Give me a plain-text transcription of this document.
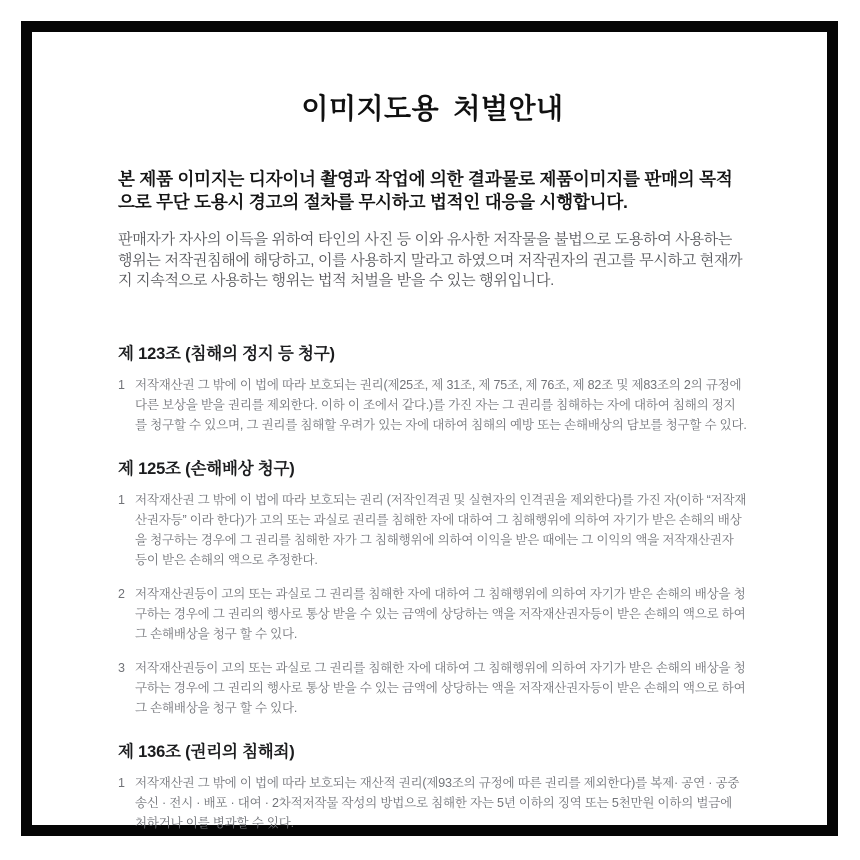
이미지도용 처벌안내
본 제품 이미지는 디자이너 촬영과 작업에 의한 결과물로 제품이미지를 판매의 목적으로 무단 도용시 경고의 절차를 무시하고 법적인 대응을 시행합니다.
판매자가 자사의 이득을 위하여 타인의 사진 등 이와 유사한 저작물을 불법으로 도용하여 사용하는 행위는 저작권침해에 해당하고, 이를 사용하지 말라고 하였으며 저작권자의 권고를 무시하고 현재까지 지속적으로 사용하는 행위는 법적 처벌을 받을 수 있는 행위입니다.
제 123조 (침해의 정지 등 청구)
1 저작재산권 그 밖에 이 법에 따라 보호되는 권리(제25조, 제 31조, 제 75조, 제 76조, 제 82조 및 제83조의 2의 규정에 다른 보상을 받을 권리를 제외한다. 이하 이 조에서 같다.)를 가진 자는 그 권리를 침해하는 자에 대하여 침해의 정지를 청구할 수 있으며, 그 권리를 침해할 우려가 있는 자에 대하여 침해의 예방 또는 손해배상의 담보를 청구할 수 있다.
제 125조 (손해배상 청구)
1 저작재산권 그 밖에 이 법에 따라 보호되는 권리 (저작인격권 및 실현자의 인격권을 제외한다)를 가진 자(이하 “저작재산권자등” 이라 한다)가 고의 또는 과실로 권리를 침해한 자에 대하여 그 침해행위에 의하여 자기가 받은 손해의 배상을 청구하는 경우에 그 권리를 침해한 자가 그 침해행위에 의하여 이익을 받은 때에는 그 이익의 액을 저작재산권자 등이 받은 손해의 액으로 추정한다.
2 저작재산권등이 고의 또는 과실로 그 권리를 침해한 자에 대하여 그 침해행위에 의하여 자기가 받은 손해의 배상을 청구하는 경우에 그 권리의 행사로 통상 받을 수 있는 금액에 상당하는 액을 저작재산권자등이 받은 손해의 액으로 하여 그 손해배상을 청구 할 수 있다.
3 저작재산권등이 고의 또는 과실로 그 권리를 침해한 자에 대하여 그 침해행위에 의하여 자기가 받은 손해의 배상을 청구하는 경우에 그 권리의 행사로 통상 받을 수 있는 금액에 상당하는 액을 저작재산권자등이 받은 손해의 액으로 하여 그 손해배상을 청구 할 수 있다.
제 136조 (권리의 침해죄)
1 저작재산권 그 밖에 이 법에 따라 보호되는 재산적 권리(제93조의 규정에 따른 권리를 제외한다)를 복제· 공연 · 공중송신 · 전시 · 배포 · 대여 · 2차적저작물 작성의 방법으로 침해한 자는 5년 이하의 징역 또는 5천만원 이하의 벌금에 처하거나 이를 병과할 수 있다.
